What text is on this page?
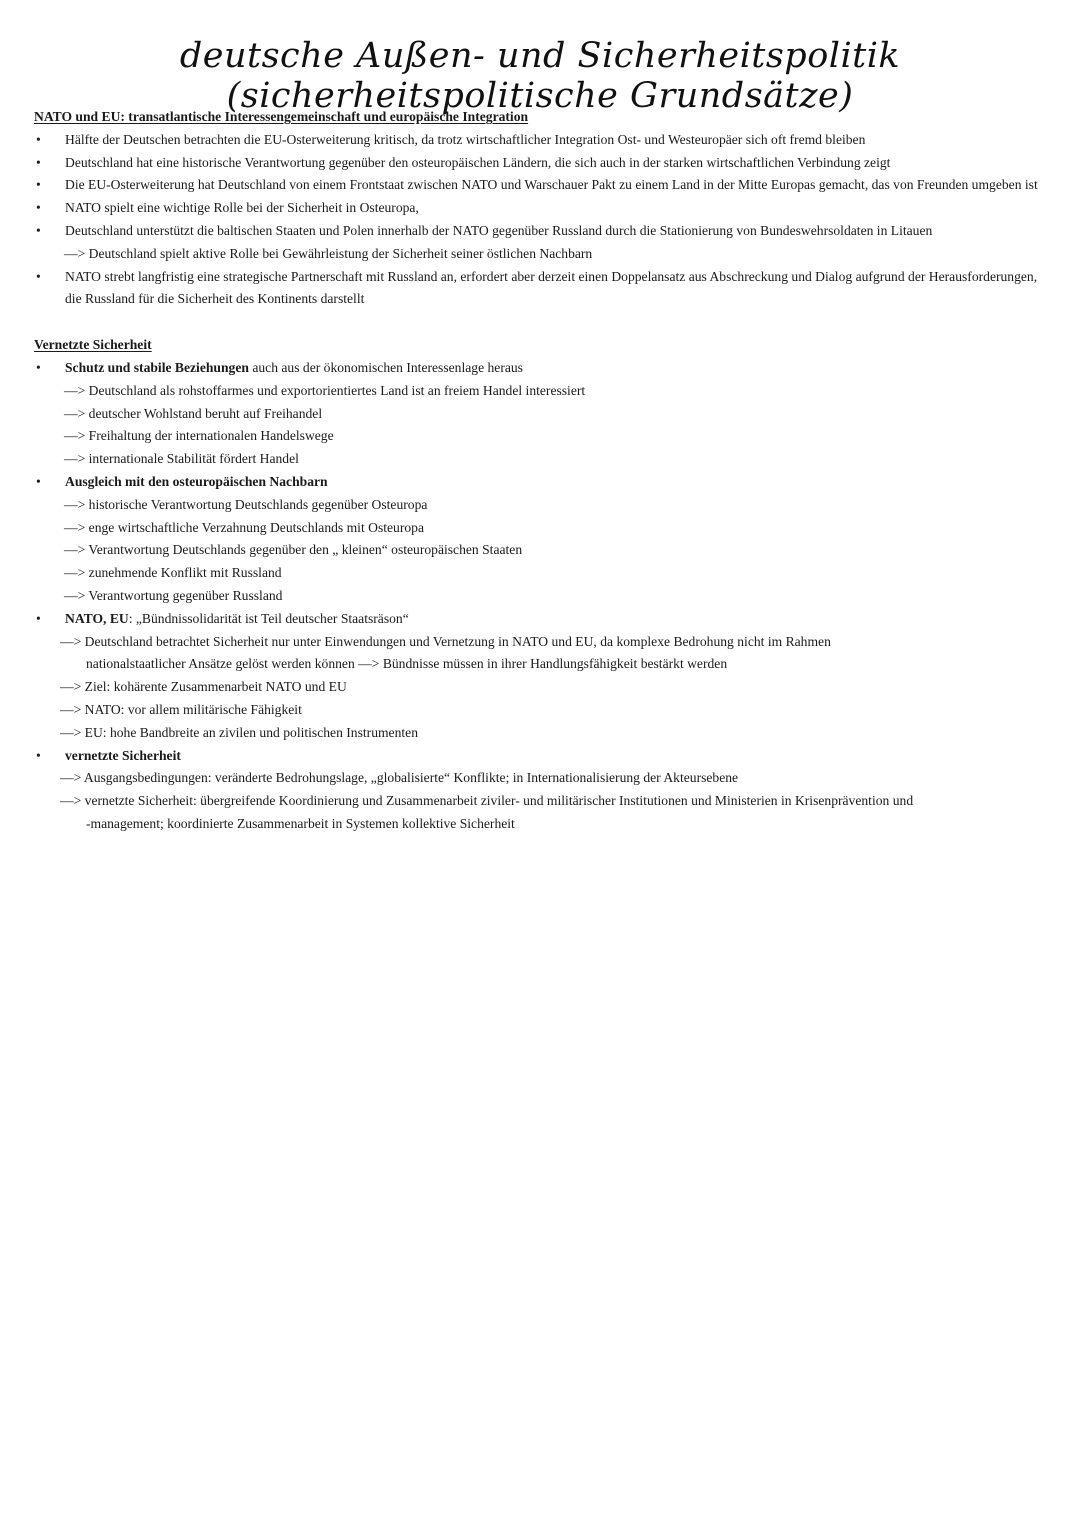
deutsche Außen- und Sicherheitspolitik (sicherheitspolitische Grundsätze)
NATO und EU: transatlantische Interessengemeinschaft und europäische Integration
• Hälfte der Deutschen betrachten die EU-Osterweiterung kritisch, da trotz wirtschaftlicher Integration Ost- und Westeuropäer sich oft fremd bleiben
• Deutschland hat eine historische Verantwortung gegenüber den osteuropäischen Ländern, die sich auch in der starken wirtschaftlichen Verbindung zeigt
• Die EU-Osterweiterung hat Deutschland von einem Frontstaat zwischen NATO und Warschauer Pakt zu einem Land in der Mitte Europas gemacht, das von Freunden umgeben ist
• NATO spielt eine wichtige Rolle bei der Sicherheit in Osteuropa,
• Deutschland unterstützt die baltischen Staaten und Polen innerhalb der NATO gegenüber Russland durch die Stationierung von Bundeswehrsoldaten in Litauen
—> Deutschland spielt aktive Rolle bei Gewährleistung der Sicherheit seiner östlichen Nachbarn
• NATO strebt langfristig eine strategische Partnerschaft mit Russland an, erfordert aber derzeit einen Doppelansatz aus Abschreckung und Dialog aufgrund der Herausforderungen, die Russland für die Sicherheit des Kontinents darstellt
Vernetzte Sicherheit
• Schutz und stabile Beziehungen auch aus der ökonomischen Interessenlage heraus
—> Deutschland als rohstoffarmes und exportorientiertes Land ist an freiem Handel interessiert
—> deutscher Wohlstand beruht auf Freihandel
—> Freihaltung der internationalen Handelswege
—> internationale Stabilität fördert Handel
• Ausgleich mit den osteuropäischen Nachbarn
—> historische Verantwortung Deutschlands gegenüber Osteuropa
—> enge wirtschaftliche Verzahnung Deutschlands mit Osteuropa
—> Verantwortung Deutschlands gegenüber den „ kleinen“ osteuropäischen Staaten
—> zunehmende Konflikt mit Russland
—> Verantwortung gegenüber Russland
• NATO, EU: „Bündnissolidarität ist Teil deutscher Staatsräson“
—> Deutschland betrachtet Sicherheit nur unter Einwendungen und Vernetzung in NATO und EU, da komplexe Bedrohung nicht im Rahmen
nationalstaatlicher Ansätze gelöst werden können —> Bündnisse müssen in ihrer Handlungsfähigkeit bestärkt werden
—> Ziel: kohärente Zusammenarbeit NATO und EU
—> NATO: vor allem militärische Fähigkeit
—> EU: hohe Bandbreite an zivilen und politischen Instrumenten
• vernetzte Sicherheit
—> Ausgangsbedingungen: veränderte Bedrohungslage, „globalisierte“ Konflikte; in Internationalisierung der Akteursebene
—> vernetzte Sicherheit: übergreifende Koordinierung und Zusammenarbeit ziviler- und militärischer Institutionen und Ministerien in Krisenprävention und
-management; koordinierte Zusammenarbeit in Systemen kollektive Sicherheit
